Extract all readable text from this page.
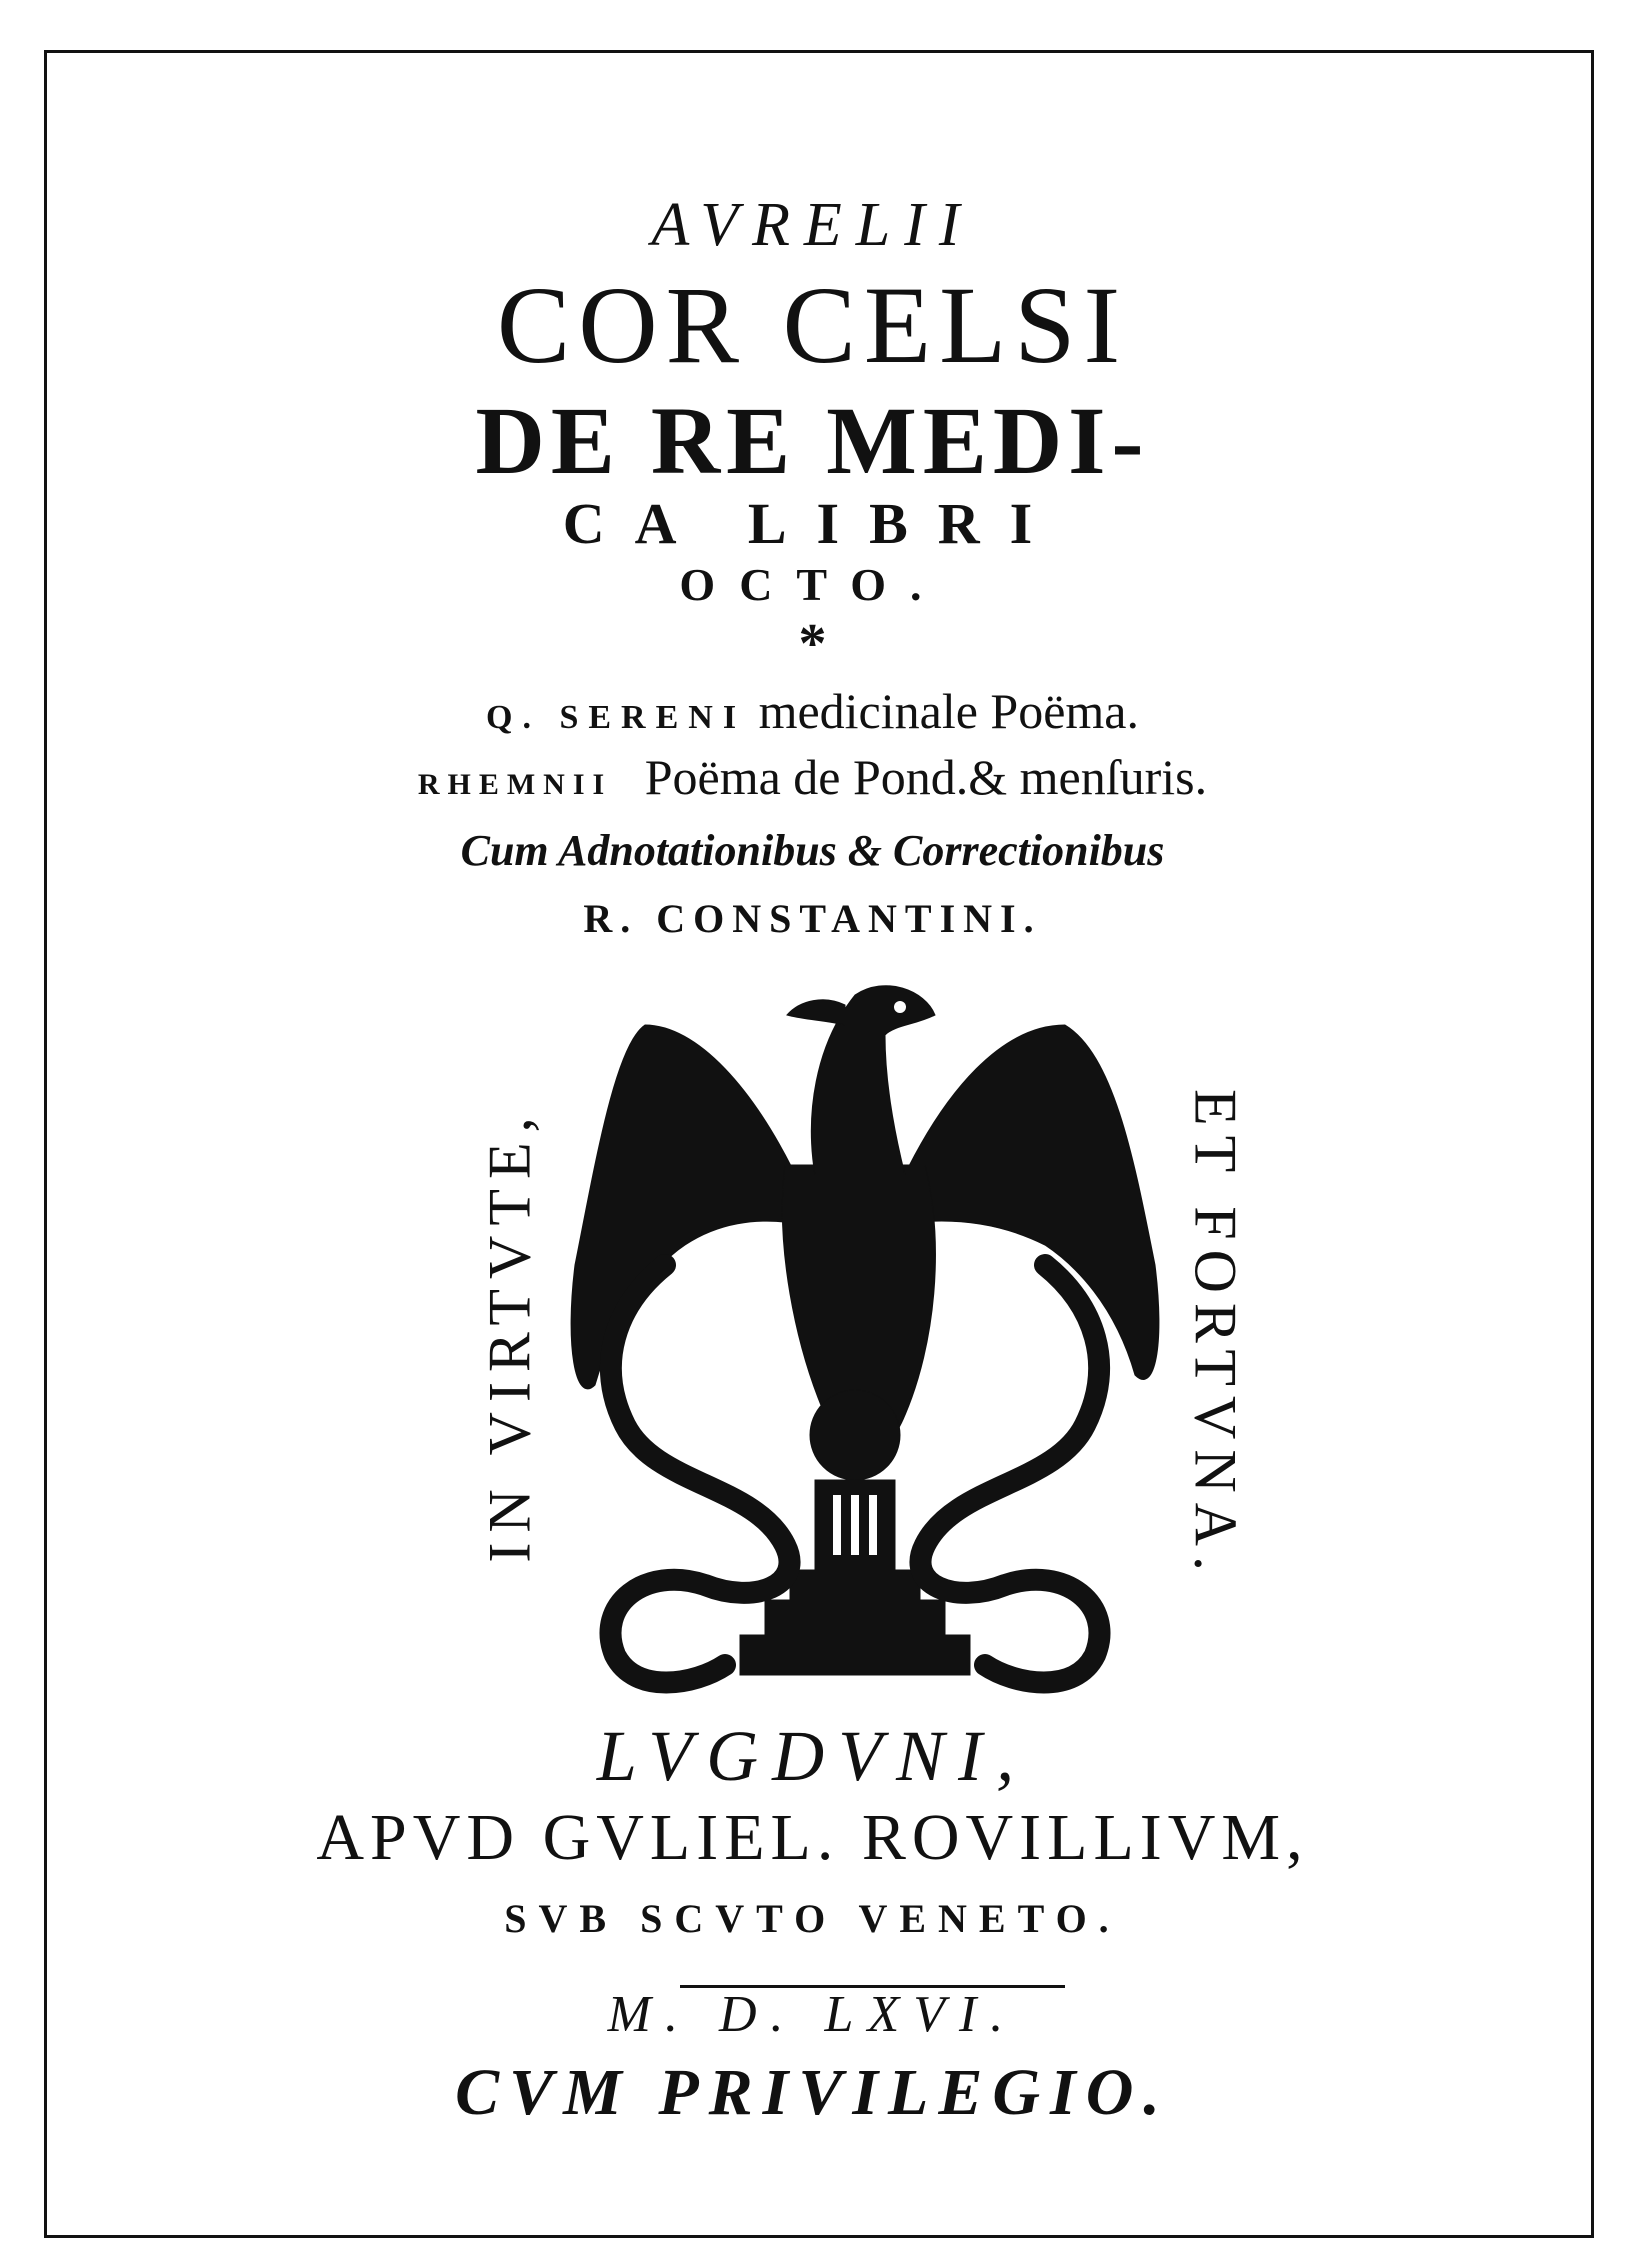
AVRELII
COR CELSI
DE RE MEDI-
CA LIBRI
OCTO.
*
Q. SERENI medicinale Poëma.
RHEMNII Poëma de Pond.& menſuris.
Cum Adnotationibus & Correctionibus
R. CONSTANTINI.
IN VIRTVTE,	ET FORTVNA.
LVGDVNI,
APVD GVLIEL. ROVILLIVM,
SVB SCVTO VENETO.
M. D. LXVI.
CVM PRIVILEGIO.
